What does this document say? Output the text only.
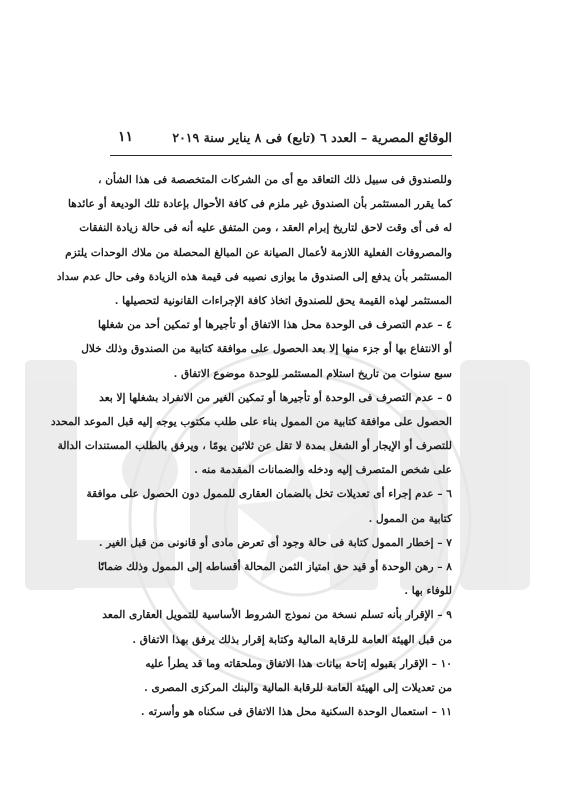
الوقائع المصرية – العدد ٦ (تابع) فى ٨ يناير سنة ٢٠١٩
١١
وللصندوق فى سبيل ذلك التعاقد مع أى من الشركات المتخصصة فى هذا الشأن ،
كما يقرر المستثمر بأن الصندوق غير ملزم فى كافة الأحوال بإعادة تلك الوديعة أو عائدها
له فى أى وقت لاحق لتاريخ إبرام العقد ، ومن المتفق عليه أنه فى حالة زيادة النفقات
والمصروفات الفعلية اللازمة لأعمال الصيانة عن المبالغ المحصلة من ملاك الوحدات يلتزم
المستثمر بأن يدفع إلى الصندوق ما يوازى نصيبه فى قيمة هذه الزيادة وفى حال عدم سداد
المستثمر لهذه القيمة يحق للصندوق اتخاذ كافة الإجراءات القانونية لتحصيلها .
٤ – عدم التصرف فى الوحدة محل هذا الاتفاق أو تأجيرها أو تمكين أحد من شغلها
أو الانتفاع بها أو جزء منها إلا بعد الحصول على موافقة كتابية من الصندوق وذلك خلال
سبع سنوات من تاريخ استلام المستثمر للوحدة موضوع الاتفاق .
٥ – عدم التصرف فى الوحدة أو تأجيرها أو تمكين الغير من الانفراد بشغلها إلا بعد
الحصول على موافقة كتابية من الممول بناء على طلب مكتوب يوجه إليه قبل الموعد المحدد
للتصرف أو الإيجار أو الشغل بمدة لا تقل عن ثلاثين يومًا ، ويرفق بالطلب المستندات الدالة
على شخص المتصرف إليه ودخله والضمانات المقدمة منه .
٦ – عدم إجراء أى تعديلات تخل بالضمان العقارى للممول دون الحصول على موافقة
كتابية من الممول .
٧ – إخطار الممول كتابة فى حالة وجود أى تعرض مادى أو قانونى من قبل الغير .
٨ – رهن الوحدة أو قيد حق امتياز الثمن المحالة أقساطه إلى الممول وذلك ضمانًا
للوفاء بها .
٩ – الإقرار بأنه تسلم نسخة من نموذج الشروط الأساسية للتمويل العقارى المعد
من قبل الهيئة العامة للرقابة المالية وكتابة إقرار بذلك يرفق بهذا الاتفاق .
١٠ – الإقرار بقبوله إتاحة بيانات هذا الاتفاق وملحقاته وما قد يطرأ عليه
من تعديلات إلى الهيئة العامة للرقابة المالية والبنك المركزى المصرى .
١١ – استعمال الوحدة السكنية محل هذا الاتفاق فى سكناه هو وأسرته .
